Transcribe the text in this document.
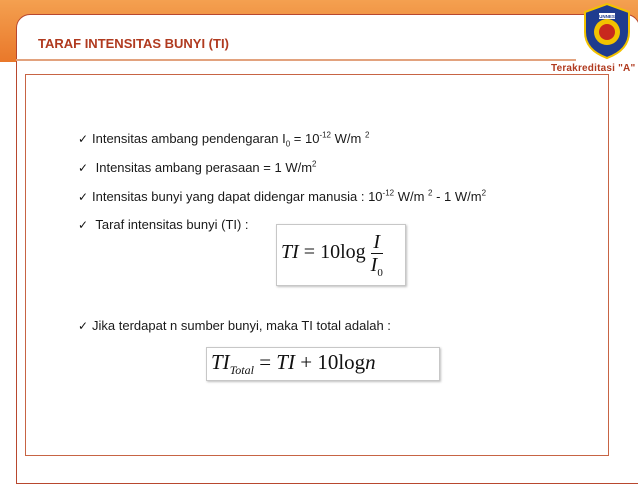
TARAF INTENSITAS BUNYI (TI)
UNNES
Terakreditasi "A"
✓ Intensitas ambang pendengaran $I_0 = 10^{-12}$ W/m $^2$
✓ Intensitas ambang perasaan = 1 $W/m^2$
✓ Intensitas bunyi yang dapat didengar manusia : $10^{-12}$ W/m $^2$ - 1 $W/m^2$
✓ Taraf intensitas bunyi (TI) :
✓ Jika terdapat n sumber bunyi, maka TI total adalah :
TI = $10\log \frac{I}{I_0}$
$TI_{Total}$ = TI + 10logn
